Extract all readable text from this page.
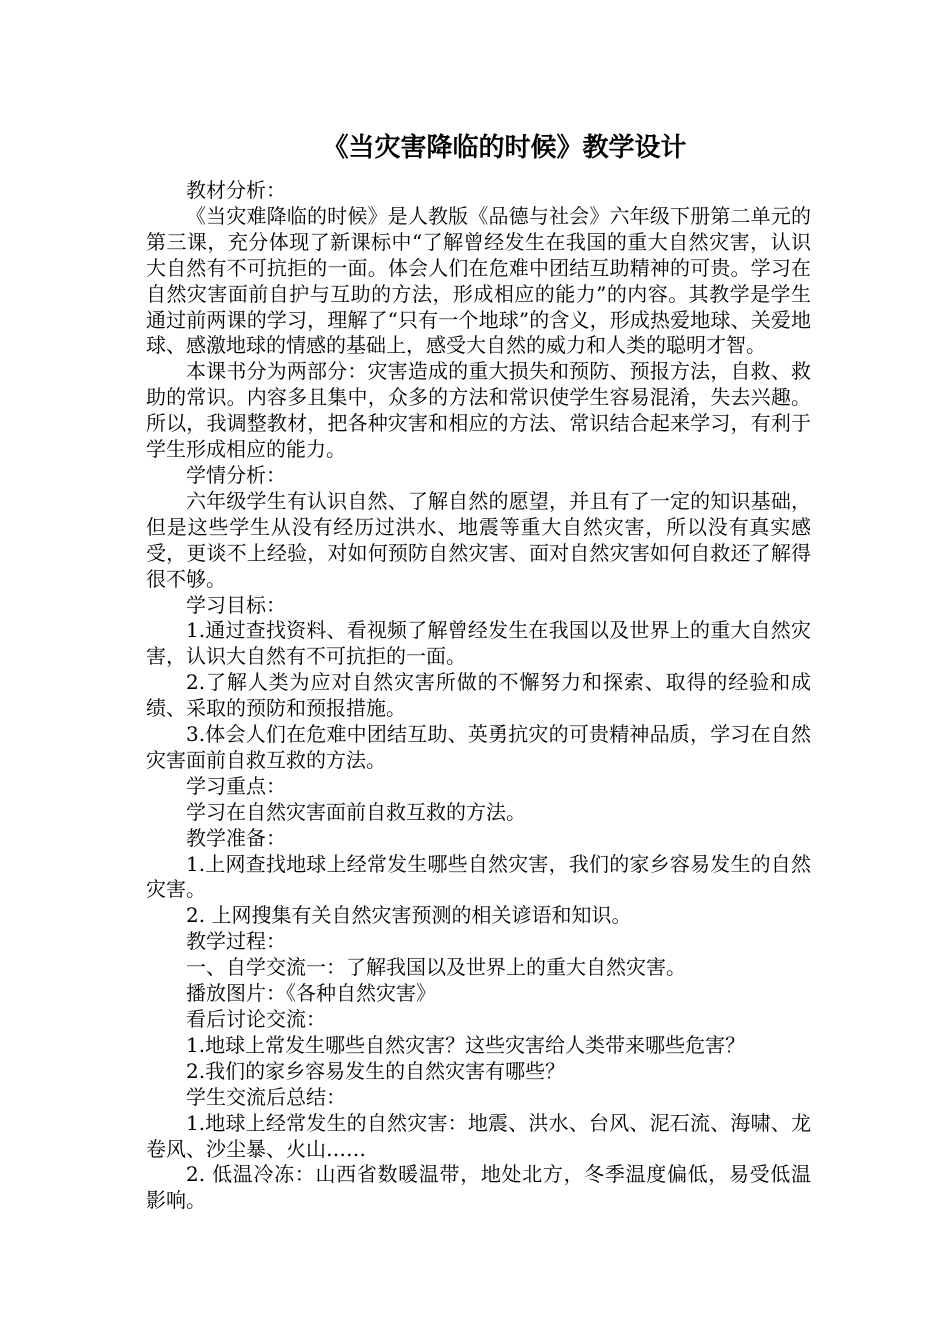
《当灾害降临的时候》教学设计

教材分析：

《当灾难降临的时候》是人教版《品德与社会》六年级下册第二单元的第三课，充分体现了新课标中“了解曾经发生在我国的重大自然灾害，认识大自然有不可抗拒的一面。体会人们在危难中团结互助精神的可贵。学习在自然灾害面前自护与互助的方法，形成相应的能力”的内容。其教学是学生通过前两课的学习，理解了“只有一个地球”的含义，形成热爱地球、关爱地球、感激地球的情感的基础上，感受大自然的威力和人类的聪明才智。

本课书分为两部分：灾害造成的重大损失和预防、预报方法，自救、救助的常识。内容多且集中，众多的方法和常识使学生容易混淆，失去兴趣。所以，我调整教材，把各种灾害和相应的方法、常识结合起来学习，有利于学生形成相应的能力。

学情分析：

六年级学生有认识自然、了解自然的愿望，并且有了一定的知识基础，但是这些学生从没有经历过洪水、地震等重大自然灾害，所以没有真实感受，更谈不上经验，对如何预防自然灾害、面对自然灾害如何自救还了解得很不够。

学习目标：

1.通过查找资料、看视频了解曾经发生在我国以及世界上的重大自然灾害，认识大自然有不可抗拒的一面。

2.了解人类为应对自然灾害所做的不懈努力和探索、取得的经验和成绩、采取的预防和预报措施。

3.体会人们在危难中团结互助、英勇抗灾的可贵精神品质，学习在自然灾害面前自救互救的方法。

学习重点：

学习在自然灾害面前自救互救的方法。

教学准备：

1.上网查找地球上经常发生哪些自然灾害，我们的家乡容易发生的自然灾害。

2. 上网搜集有关自然灾害预测的相关谚语和知识。

教学过程：

一、自学交流一：了解我国以及世界上的重大自然灾害。

播放图片：《各种自然灾害》

看后讨论交流：

1.地球上常发生哪些自然灾害？这些灾害给人类带来哪些危害？

2.我们的家乡容易发生的自然灾害有哪些？

学生交流后总结：

1.地球上经常发生的自然灾害：地震、洪水、台风、泥石流、海啸、龙卷风、沙尘暴、火山……

2. 低温冷冻：山西省数暖温带，地处北方，冬季温度偏低，易受低温影响。
